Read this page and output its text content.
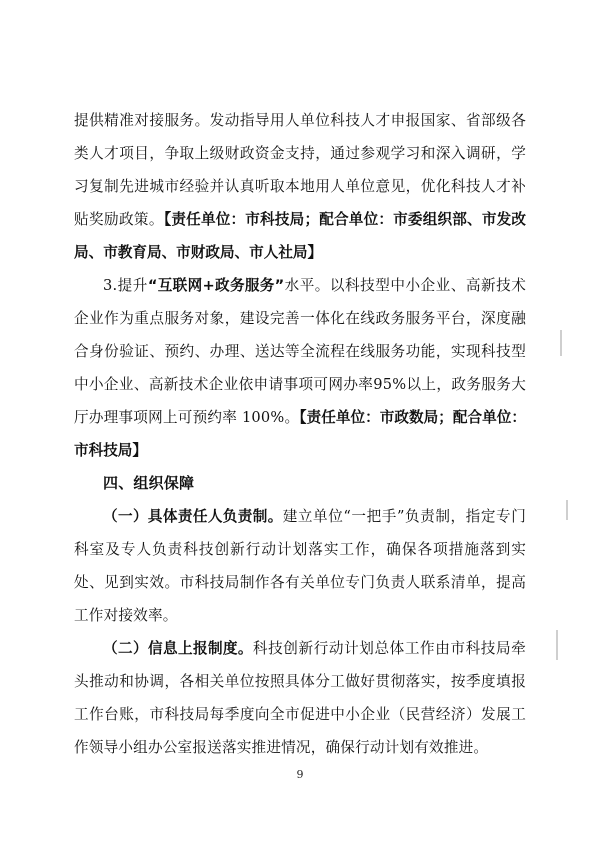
提供精准对接服务。发动指导用人单位科技人才申报国家、省部级各类人才项目，争取上级财政资金支持，通过参观学习和深入调研，学习复制先进城市经验并认真听取本地用人单位意见，优化科技人才补贴奖励政策。【责任单位：市科技局；配合单位：市委组织部、市发改局、市教育局、市财政局、市人社局】

3.提升“互联网+政务服务”水平。以科技型中小企业、高新技术企业作为重点服务对象，建设完善一体化在线政务服务平台，深度融合身份验证、预约、办理、送达等全流程在线服务功能，实现科技型中小企业、高新技术企业依申请事项可网办率95%以上，政务服务大厅办理事项网上可预约率 100%。【责任单位：市政数局；配合单位：市科技局】

四、组织保障

（一）具体责任人负责制。建立单位“一把手”负责制，指定专门科室及专人负责科技创新行动计划落实工作，确保各项措施落到实处、见到实效。市科技局制作各有关单位专门负责人联系清单，提高工作对接效率。

（二）信息上报制度。科技创新行动计划总体工作由市科技局牵头推动和协调，各相关单位按照具体分工做好贯彻落实，按季度填报工作台账，市科技局每季度向全市促进中小企业（民营经济）发展工作领导小组办公室报送落实推进情况，确保行动计划有效推进。

9
